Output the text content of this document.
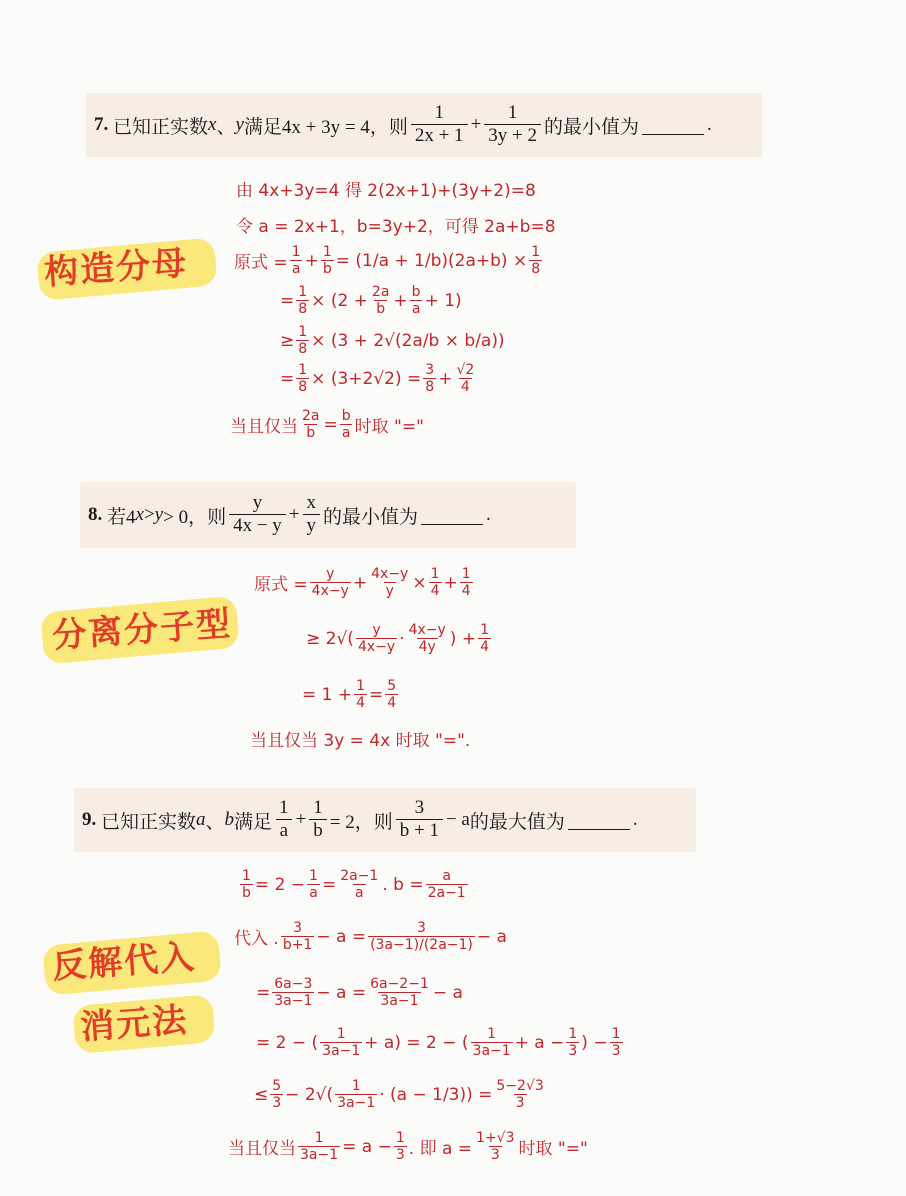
7.
已知正实数 x 、 y 满足4x + 3y = 4，则 $\frac{1}{2x + 1} + \frac{1}{3y + 2}$ 的最小值为	.
构造分母
由 4x+3y=4 得 2(2x+1)+(3y+2)=8
令 a = 2x+1，b=3y+2，可得 2a+b=8
原式 = $\frac{1}{a} + \frac{1}{b} = (1/a + 1/b)(2a+b) \times \frac{1}{8}$
= $\frac{1}{8} \times (2 + \frac{2a}{b} + \frac{b}{a} + 1)$
≥ $\frac{1}{8} \times (3 + 2√(2a/b \times b/a))$
= $\frac{1}{8} \times (3+2√2) = \frac{3}{8} + \frac{√2}{4}$
当且仅当 $\frac{2a}{b} = \frac{b}{a}$ 时取 "="
8.
若4 x > y > 0，则 $\frac{y}{4x - y} + \frac{x}{y}$ 的最小值为	.
分离分子型
原式 = $\frac{y}{4x-y} + \frac{4x-y}{y} \times \frac{1}{4} + \frac{1}{4}$
≥ $2√( \frac{y}{4x-y} \cdot \frac{4x-y}{4y}$ ) + $\frac{1}{4}$
= $1 + \frac{1}{4} = \frac{5}{4}$
当且仅当 3y = 4x 时取 "=".
9.
已知正实数 a 、 b 满足 $\frac{1}{a} + \frac{1}{b} = 2$，则 $\frac{3}{b + 1} - a$ 的最大值为	.
反解代入
消元法
$\frac{1}{b} = 2 - \frac{1}{a} = \frac{2a-1}{a}$ . $b = \frac{a}{2a-1}$
代入 . $\frac{3}{b+1} - a = \frac{3}{(3a-1)/(2a-1)} - a$
= $\frac{6a-3}{3a-1} - a = \frac{6a-2-1}{3a-1} - a$
= 2 − ( $\frac{1}{3a-1} + a) = 2$ − ( $\frac{1}{3a-1} + a - \frac{1}{3}$ ) − $\frac{1}{3}$
≤ $\frac{5}{3} - 2√( \frac{1}{3a-1} \cdot (a - 1/3)) = \frac{5-2√3}{3}$
当且仅当 $\frac{1}{3a-1} = a - \frac{1}{3}$ . 即 $a = \frac{1+√3}{3}$ 时取 "="
